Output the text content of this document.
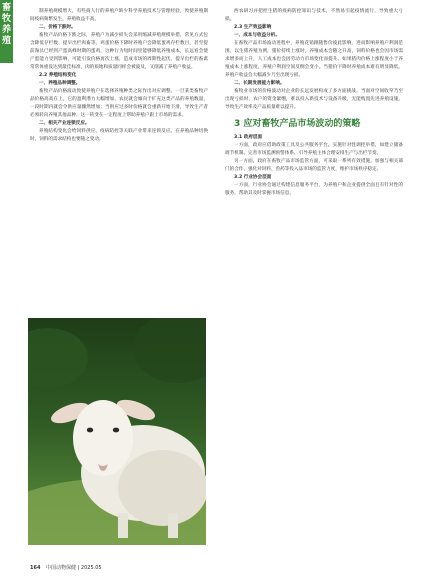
畜牧养殖

制养殖规模增大，有些商人行的养殖户缺少科学养殖技术与管理经验，致使养殖期间疫病频繁发生，养殖收益不高。

二、价格下跌时。

畜牧产品价格下跌之际，养殖户为减少损失会采用缩减养殖规模举措，常见方式包含降低存栏数、提早出栏肉畜等。鸡蛋价格下降时养殖户会降低蛋鸡存栏数目，甚至提前淘汰已经到产蛋高峰时期的蛋鸡，这种行为短时间里能够降低养殖成本，长远看会使产蛋能力受到影响，可能引发价格再次上涨，造成市场的周期性起伏。提早出栏的畜禽常常体重没达到最佳标准，肉的质地和质量同样会被波及，又削减了养殖户收益。

2.2 养殖结构变化

一、养殖品种调整。

畜牧产品价格波动致使养殖户在选择养殖种类之际作出对应调整。一旦某类畜牧产品价格高高在上，它的盈利潜力大幅增加，农民就会倾向于扩充这类产品的养殖数量，一段时期内就会令供应量骤然增加；当供应过多时价格就会重新开始下滑，导致生产者必须转向养殖其他品种。这一转变在一定程度上帮助养殖户跟上市场的需求。

二、相关产业连锁反应。

养殖结构变化会给饲料供应、疫病防控等关联产业带来连锁反应。在养殖品种切换时，饲料的需求结构也要随之变动。

西农研习并把控生猪的疫病防控知识与技术，不然易引起疫情流行，导致重大亏损。

2.3 生产效益影响

一、成本与收益分析。

在畜牧产品市场波动进程中，养殖花销跟随售价彼此影响，进而影响养殖户利润范围，以生猪养殖为例，猪价持续上涨时，养殖成本会随之升高，饲料价格也会因市场需求增多而上升，人工成本也会因劳动力市场变化而提升。如果猪肉价格上涨程度小于养殖成本上涨程度，养殖户利润空间反倒会变小。当猪价下降时养殖成本难有明显降低，养殖户收益会大幅减少乃至出现亏损。

二、长期发展能力影响。

畜牧业市场的价格波动对企业的长远发展构成了多方面挑战。当面对空间收窄乃至出现亏损时，农户的资金紧绷，难以投入新技术与设备升级，无能购置先进养殖设施，导致生产效率及产品质量难以提升。

3 应对畜牧产品市场波动的策略

3.1 政府层面

一方面，政府应借助政策工具及公共服务平台，实施针对性调控举措，如建立储备调节机制、完善市场监测预警体系、引导养殖主体合理安排生产与出栏节奏。

另一方面，政府在畜牧产品市场监管方面，可采取一系列有效措施。加强与相关部门的合作，强化对饲料、兽药等投入品市场的监管力度，维护市场秩序稳定。

3.2 行业协会层面

一方面，行业协会通过构建信息服务平台，为养殖户和企业提供全面且有针对性的服务，帮助其及时掌握市场信息。

164 中国动物保健 | 2025.05
